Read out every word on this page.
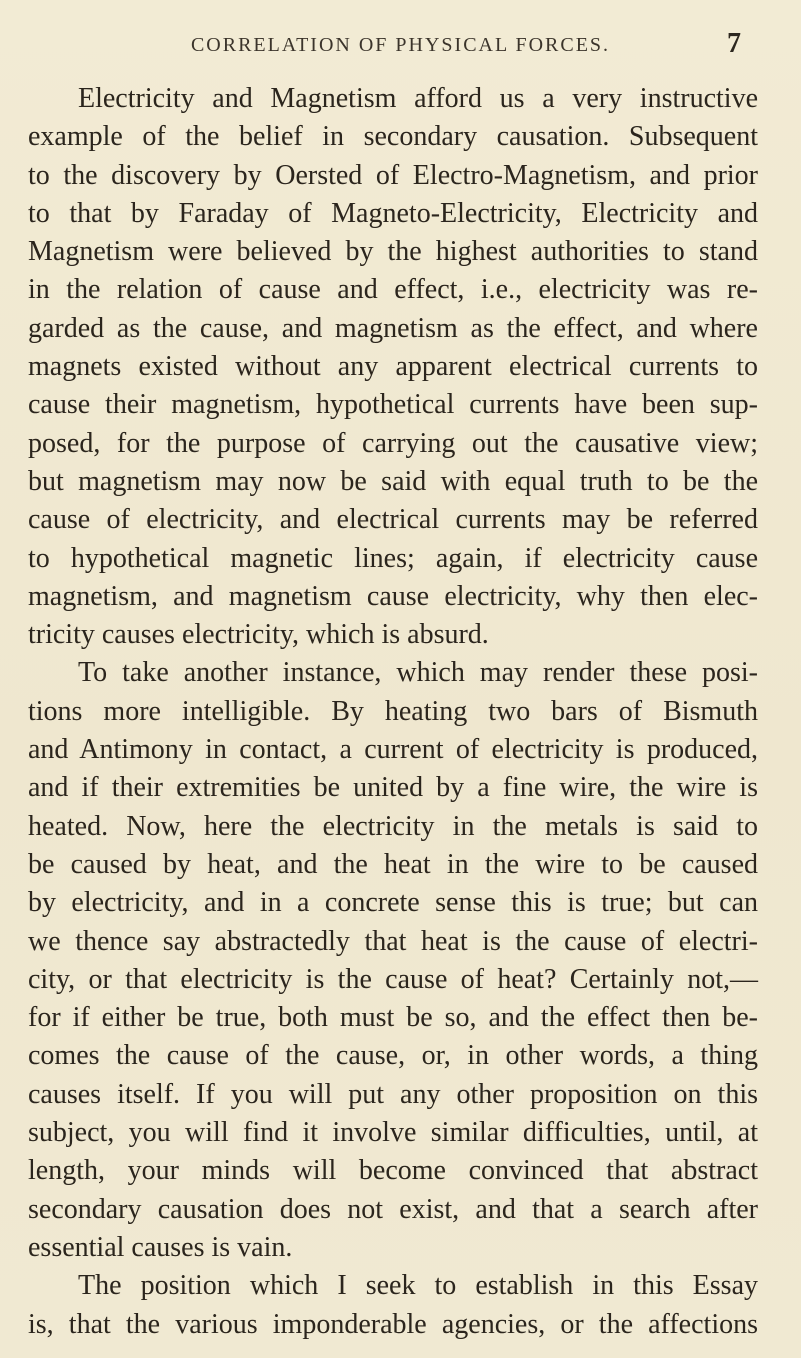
CORRELATION OF PHYSICAL FORCES.	7
Electricity and Magnetism afford us a very instructive
example of the belief in secondary causation. Subsequent
to the discovery by Oersted of Electro-Magnetism, and prior
to that by Faraday of Magneto-Electricity, Electricity and
Magnetism were believed by the highest authorities to stand
in the relation of cause and effect, i.e., electricity was re-
garded as the cause, and magnetism as the effect, and where
magnets existed without any apparent electrical currents to
cause their magnetism, hypothetical currents have been sup-
posed, for the purpose of carrying out the causative view;
but magnetism may now be said with equal truth to be the
cause of electricity, and electrical currents may be referred
to hypothetical magnetic lines; again, if electricity cause
magnetism, and magnetism cause electricity, why then elec-
tricity causes electricity, which is absurd.
To take another instance, which may render these posi-
tions more intelligible. By heating two bars of Bismuth
and Antimony in contact, a current of electricity is produced,
and if their extremities be united by a fine wire, the wire is
heated. Now, here the electricity in the metals is said to
be caused by heat, and the heat in the wire to be caused
by electricity, and in a concrete sense this is true; but can
we thence say abstractedly that heat is the cause of electri-
city, or that electricity is the cause of heat? Certainly not,—
for if either be true, both must be so, and the effect then be-
comes the cause of the cause, or, in other words, a thing
causes itself. If you will put any other proposition on this
subject, you will find it involve similar difficulties, until, at
length, your minds will become convinced that abstract
secondary causation does not exist, and that a search after
essential causes is vain.
The position which I seek to establish in this Essay
is, that the various imponderable agencies, or the affections
